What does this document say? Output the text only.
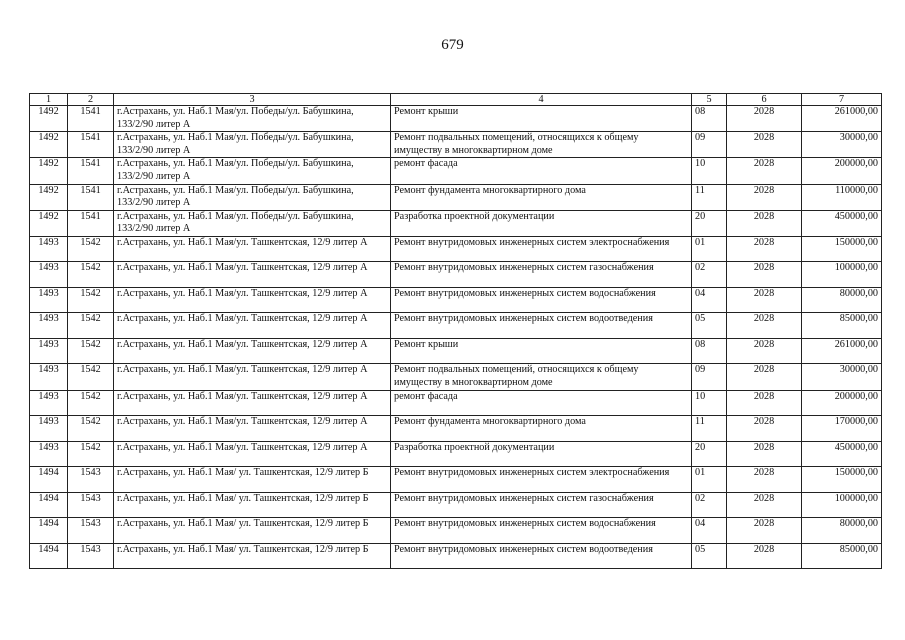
679
1	2	3	4	5	6	7
1492	1541	г.Астрахань, ул. Наб.1 Мая/ул. Победы/ул. Бабушкина, 133/2/90 литер А	Ремонт крыши	08	2028	261000,00
1492	1541	г.Астрахань, ул. Наб.1 Мая/ул. Победы/ул. Бабушкина, 133/2/90 литер А	Ремонт подвальных помещений, относящихся к общему имуществу в многоквартирном доме	09	2028	30000,00
1492	1541	г.Астрахань, ул. Наб.1 Мая/ул. Победы/ул. Бабушкина, 133/2/90 литер А	ремонт фасада	10	2028	200000,00
1492	1541	г.Астрахань, ул. Наб.1 Мая/ул. Победы/ул. Бабушкина, 133/2/90 литер А	Ремонт фундамента многоквартирного дома	11	2028	110000,00
1492	1541	г.Астрахань, ул. Наб.1 Мая/ул. Победы/ул. Бабушкина, 133/2/90 литер А	Разработка проектной документации	20	2028	450000,00
1493	1542	г.Астрахань, ул. Наб.1 Мая/ул. Ташкентская, 12/9 литер А	Ремонт внутридомовых инженерных систем электроснабжения	01	2028	150000,00
1493	1542	г.Астрахань, ул. Наб.1 Мая/ул. Ташкентская, 12/9 литер А	Ремонт внутридомовых инженерных систем газоснабжения	02	2028	100000,00
1493	1542	г.Астрахань, ул. Наб.1 Мая/ул. Ташкентская, 12/9 литер А	Ремонт внутридомовых инженерных систем водоснабжения	04	2028	80000,00
1493	1542	г.Астрахань, ул. Наб.1 Мая/ул. Ташкентская, 12/9 литер А	Ремонт внутридомовых инженерных систем водоотведения	05	2028	85000,00
1493	1542	г.Астрахань, ул. Наб.1 Мая/ул. Ташкентская, 12/9 литер А	Ремонт крыши	08	2028	261000,00
1493	1542	г.Астрахань, ул. Наб.1 Мая/ул. Ташкентская, 12/9 литер А	Ремонт подвальных помещений, относящихся к общему имуществу в многоквартирном доме	09	2028	30000,00
1493	1542	г.Астрахань, ул. Наб.1 Мая/ул. Ташкентская, 12/9 литер А	ремонт фасада	10	2028	200000,00
1493	1542	г.Астрахань, ул. Наб.1 Мая/ул. Ташкентская, 12/9 литер А	Ремонт фундамента многоквартирного дома	11	2028	170000,00
1493	1542	г.Астрахань, ул. Наб.1 Мая/ул. Ташкентская, 12/9 литер А	Разработка проектной документации	20	2028	450000,00
1494	1543	г.Астрахань, ул. Наб.1 Мая/ ул. Ташкентская, 12/9 литер Б	Ремонт внутридомовых инженерных систем электроснабжения	01	2028	150000,00
1494	1543	г.Астрахань, ул. Наб.1 Мая/ ул. Ташкентская, 12/9 литер Б	Ремонт внутридомовых инженерных систем газоснабжения	02	2028	100000,00
1494	1543	г.Астрахань, ул. Наб.1 Мая/ ул. Ташкентская, 12/9 литер Б	Ремонт внутридомовых инженерных систем водоснабжения	04	2028	80000,00
1494	1543	г.Астрахань, ул. Наб.1 Мая/ ул. Ташкентская, 12/9 литер Б	Ремонт внутридомовых инженерных систем водоотведения	05	2028	85000,00
